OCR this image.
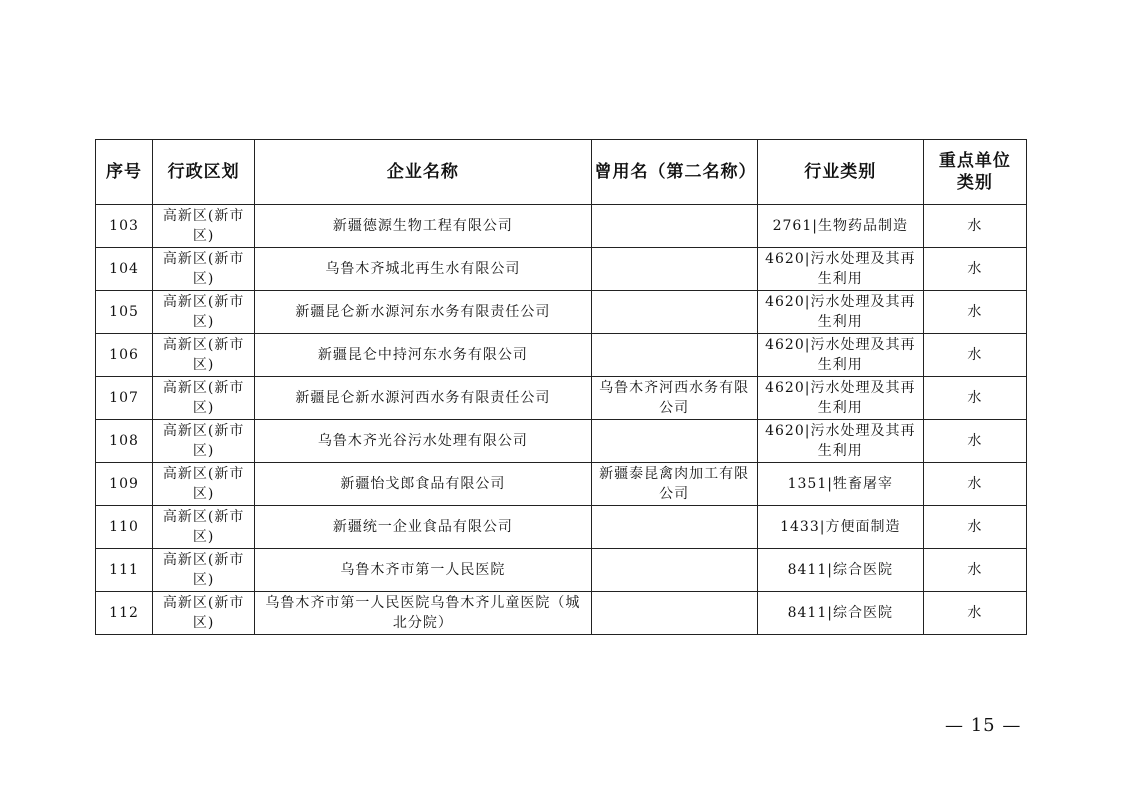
序号	行政区划	企业名称	曾用名（第二名称）	行业类别	重点单位类别
103	高新区(新市区)	新疆德源生物工程有限公司		2761|生物药品制造	水
104	高新区(新市区)	乌鲁木齐城北再生水有限公司		4620|污水处理及其再生利用	水
105	高新区(新市区)	新疆昆仑新水源河东水务有限责任公司		4620|污水处理及其再生利用	水
106	高新区(新市区)	新疆昆仑中持河东水务有限公司		4620|污水处理及其再生利用	水
107	高新区(新市区)	新疆昆仑新水源河西水务有限责任公司	乌鲁木齐河西水务有限公司	4620|污水处理及其再生利用	水
108	高新区(新市区)	乌鲁木齐光谷污水处理有限公司		4620|污水处理及其再生利用	水
109	高新区(新市区)	新疆怡戈郎食品有限公司	新疆泰昆禽肉加工有限公司	1351|牲畜屠宰	水
110	高新区(新市区)	新疆统一企业食品有限公司		1433|方便面制造	水
111	高新区(新市区)	乌鲁木齐市第一人民医院		8411|综合医院	水
112	高新区(新市区)	乌鲁木齐市第一人民医院乌鲁木齐儿童医院（城北分院）		8411|综合医院	水
— 15 —
